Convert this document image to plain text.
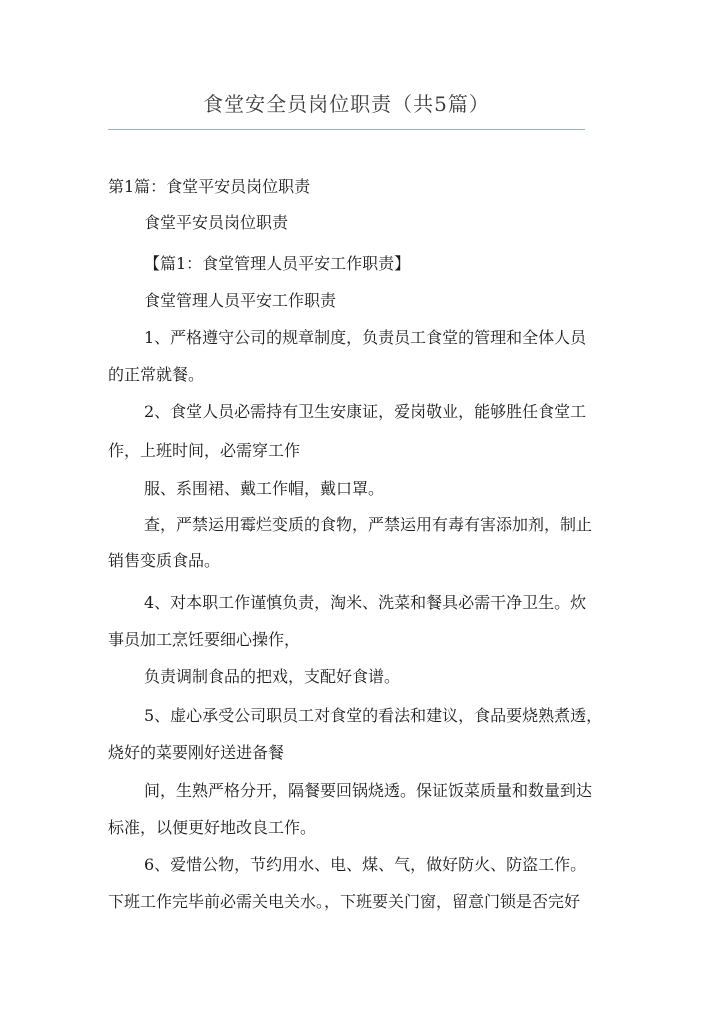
食堂安全员岗位职责（共5篇）

第1篇：食堂平安员岗位职责

食堂平安员岗位职责

【篇1：食堂管理人员平安工作职责】

食堂管理人员平安工作职责

1、严格遵守公司的规章制度，负责员工食堂的管理和全体人员

的正常就餐。

2、食堂人员必需持有卫生安康证，爱岗敬业，能够胜任食堂工

作，上班时间，必需穿工作

服、系围裙、戴工作帽，戴口罩。

查，严禁运用霉烂变质的食物，严禁运用有毒有害添加剂，制止

销售变质食品。

4、对本职工作谨慎负责，淘米、洗菜和餐具必需干净卫生。炊

事员加工烹饪要细心操作，

负责调制食品的把戏，支配好食谱。

5、虚心承受公司职员工对食堂的看法和建议，食品要烧熟煮透，

烧好的菜要刚好送进备餐

间，生熟严格分开，隔餐要回锅烧透。保证饭菜质量和数量到达

标准，以便更好地改良工作。

6、爱惜公物，节约用水、电、煤、气，做好防火、防盗工作。

下班工作完毕前必需关电关水。，下班要关门窗，留意门锁是否完好
